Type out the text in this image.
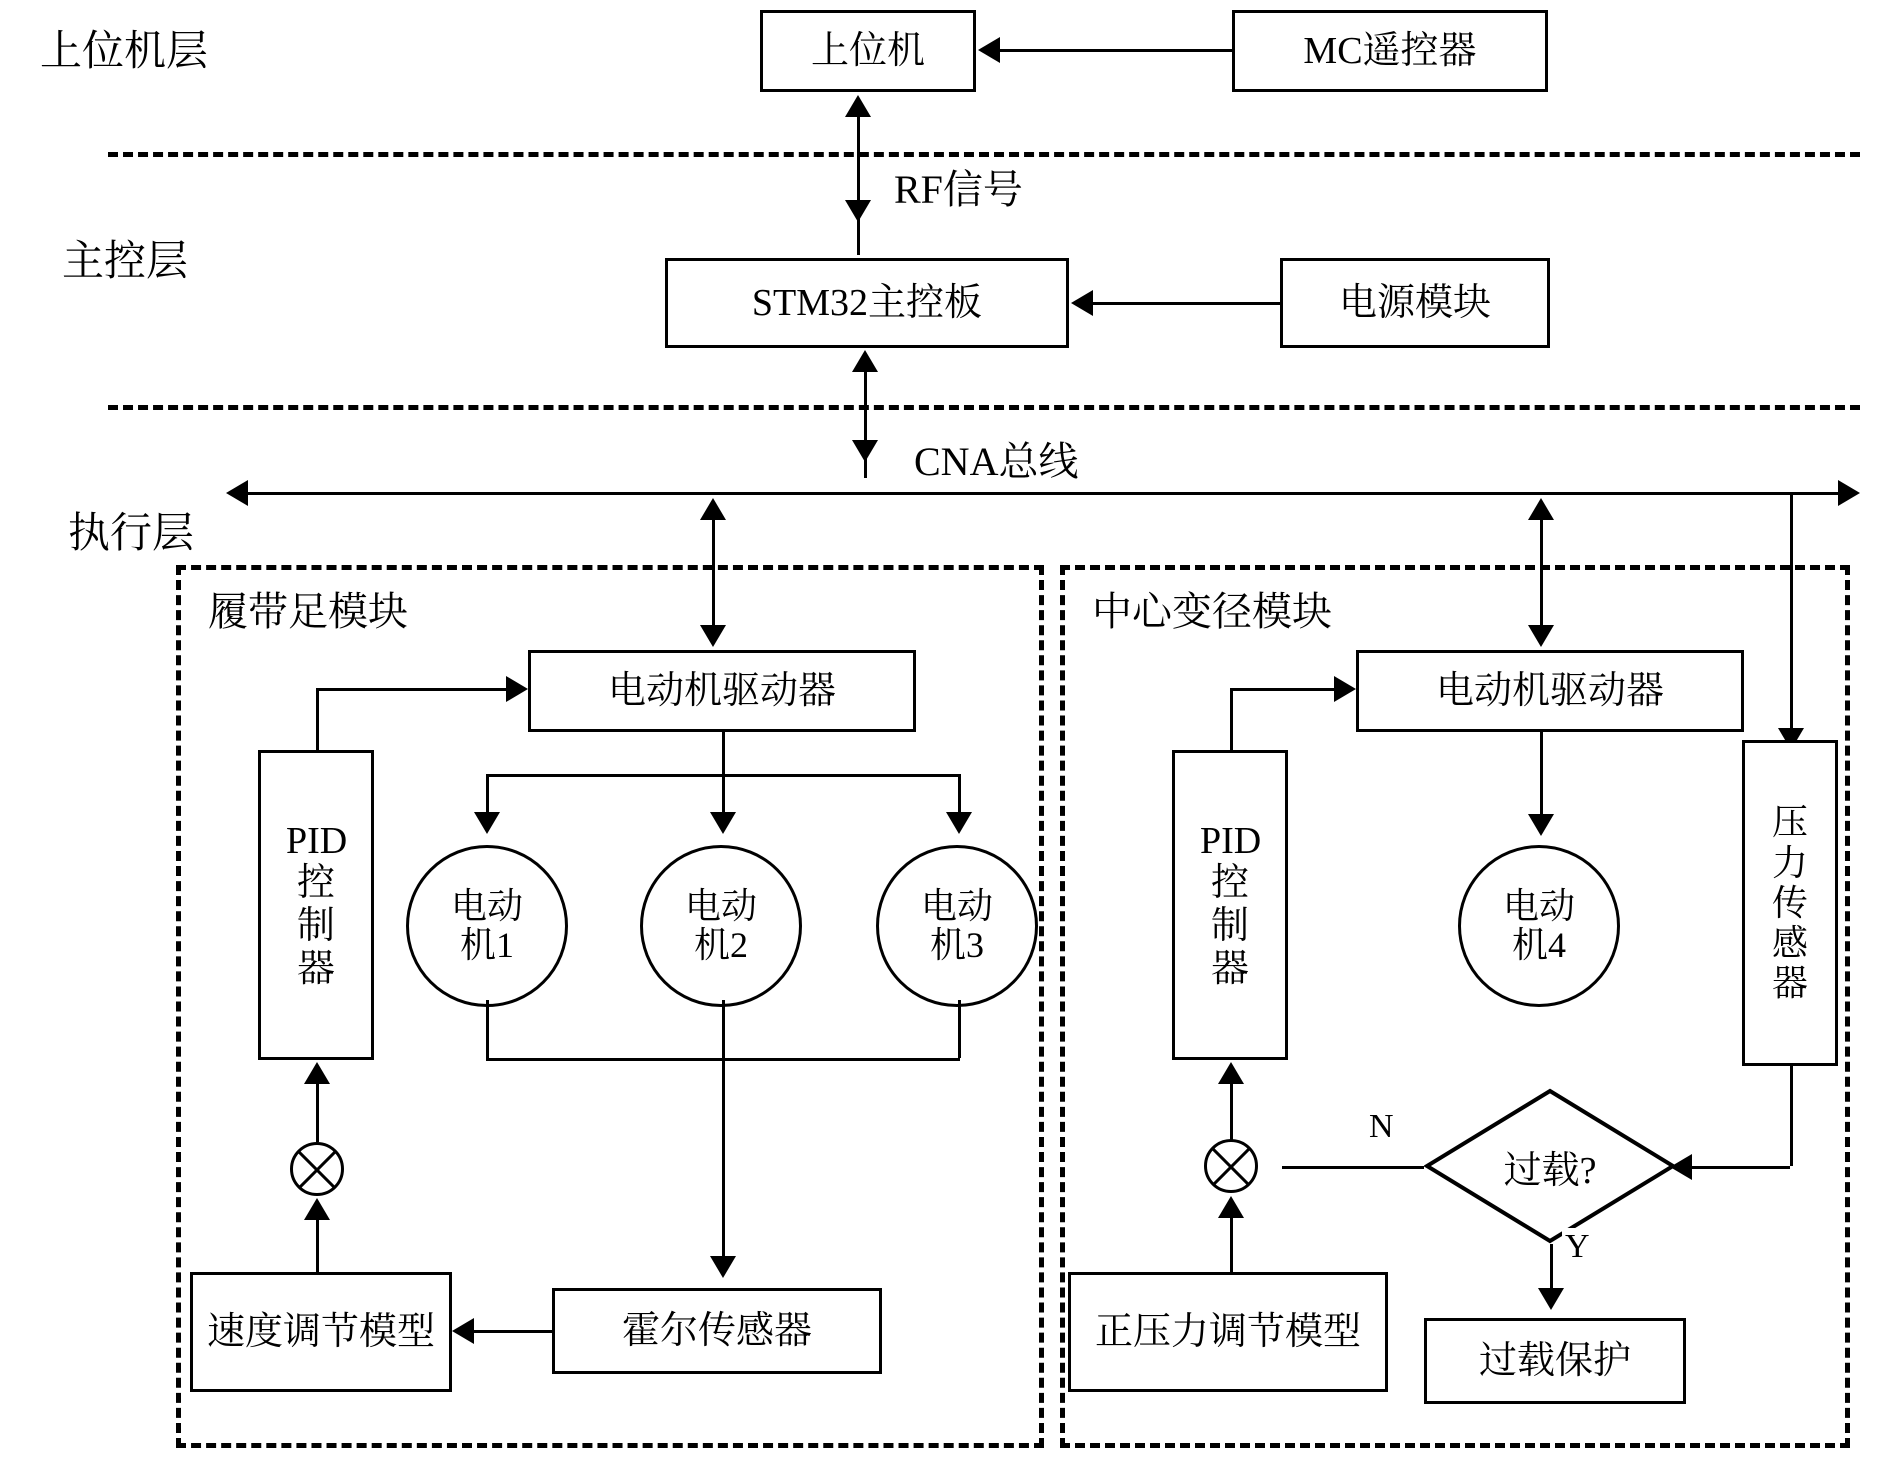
上位机层
主控层
执行层
上位机	MC遥控器
RF信号
STM32主控板	电源模块
CNA总线
履带足模块	中心变径模块
电动机驱动器
PID控制器
电动机1
电动机2
电动机3
霍尔传感器
速度调节模型
电动机驱动器
PID控制器
电动机4
压力传感器
过载?
N
Y
过载保护
正压力调节模型
